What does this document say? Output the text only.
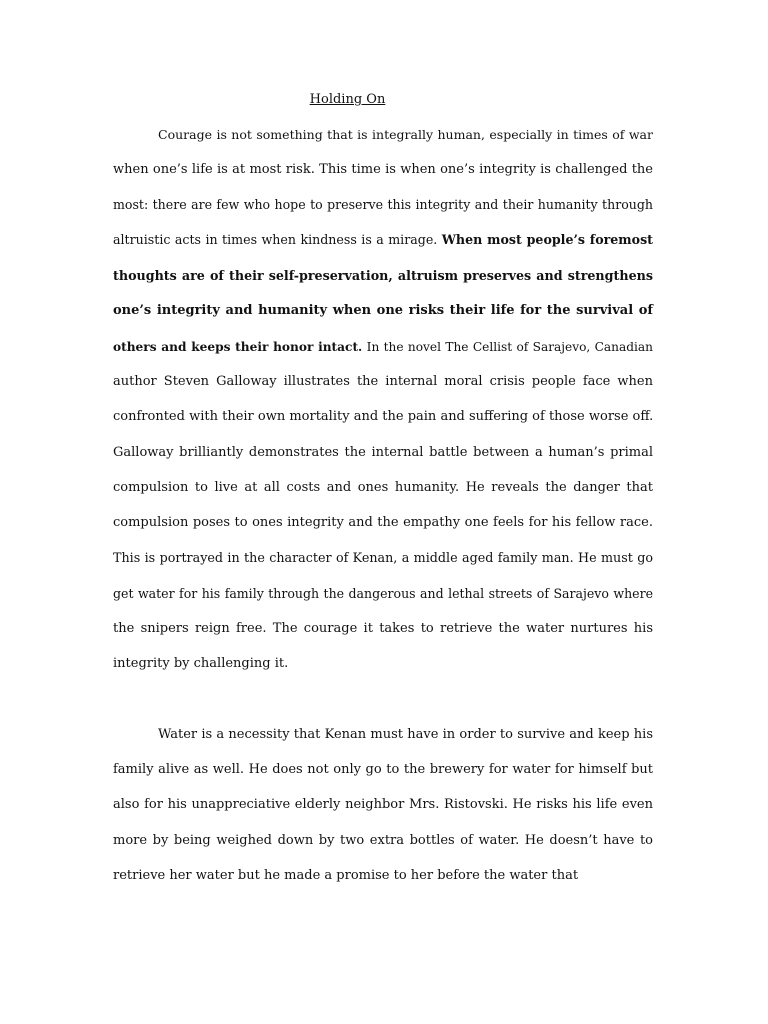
Holding On
Courage is not something that is integrally human, especially in times of war
when one’s life is at most risk. This time is when one’s integrity is challenged the
most: there are few who hope to preserve this integrity and their humanity through
altruistic acts in times when kindness is a mirage. When most people’s foremost
thoughts are of their self-preservation, altruism preserves and strengthens
one’s integrity and humanity when one risks their life for the survival of
others and keeps their honor intact. In the novel The Cellist of Sarajevo, Canadian
author Steven Galloway illustrates the internal moral crisis people face when
confronted with their own mortality and the pain and suffering of those worse off.
Galloway brilliantly demonstrates the internal battle between a human’s primal
compulsion to live at all costs and ones humanity. He reveals the danger that
compulsion poses to ones integrity and the empathy one feels for his fellow race.
This is portrayed in the character of Kenan, a middle aged family man. He must go
get water for his family through the dangerous and lethal streets of Sarajevo where
the snipers reign free. The courage it takes to retrieve the water nurtures his
integrity by challenging it.
Water is a necessity that Kenan must have in order to survive and keep his
family alive as well. He does not only go to the brewery for water for himself but
also for his unappreciative elderly neighbor Mrs. Ristovski. He risks his life even
more by being weighed down by two extra bottles of water. He doesn’t have to
retrieve her water but he made a promise to her before the water that
